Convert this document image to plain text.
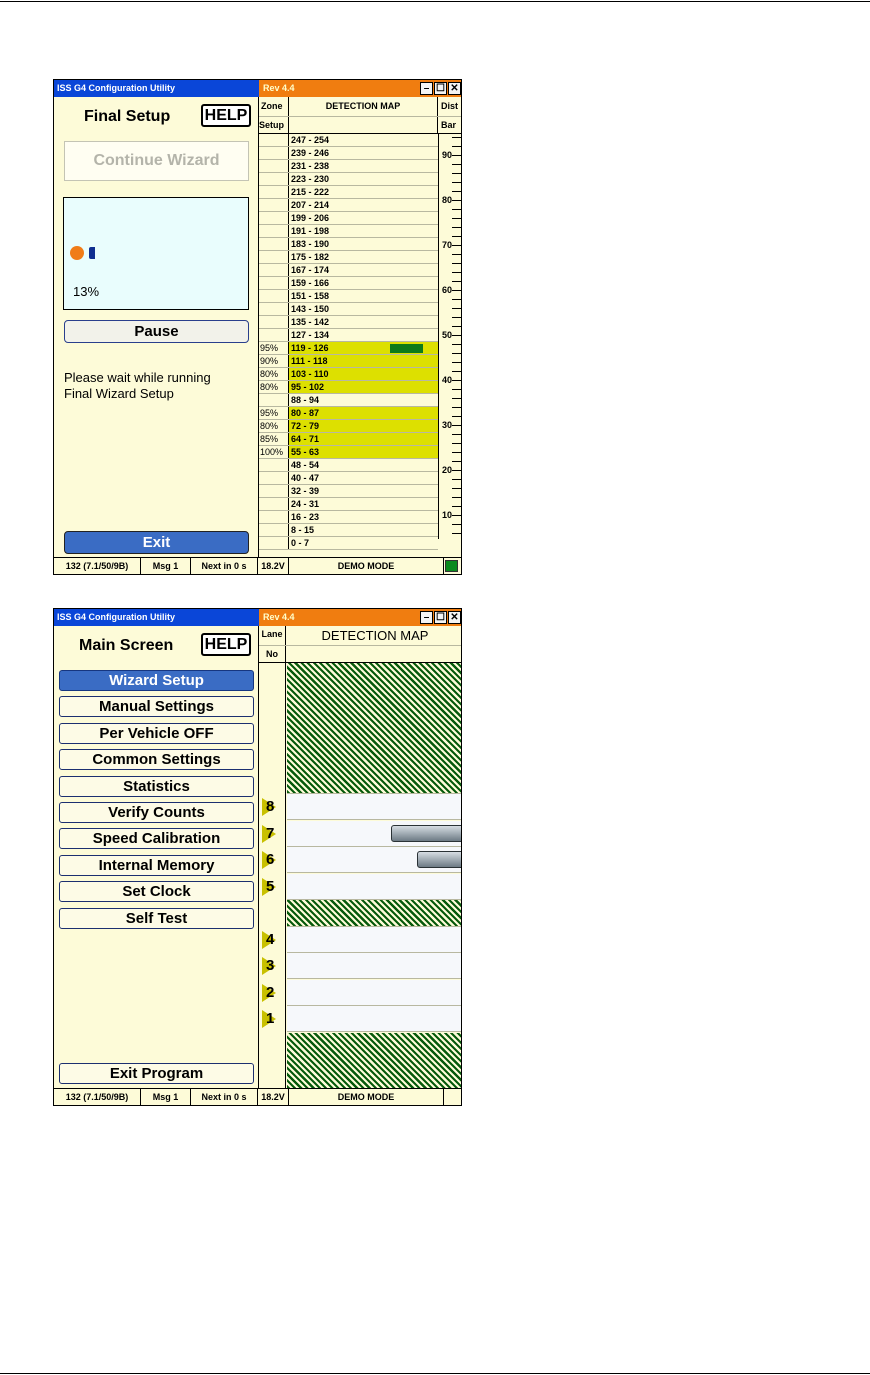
ISS G4 Configuration Utility	Rev 4.4	– ☐ ✕
Final Setup HELP
Continue Wizard
13%
Pause
Please wait while running
Final Wizard Setup
Exit
Zone
Setup
DETECTION MAP	Dist
Bar
247 - 254
239 - 246
231 - 238
223 - 230
215 - 222
207 - 214
199 - 206
191 - 198
183 - 190
175 - 182
167 - 174
159 - 166
151 - 158
143 - 150
135 - 142
127 - 134
95%	119 - 126
90%	111 - 118
80%	103 - 110
80%	95 - 102
88 - 94
95%	80 - 87
80%	72 - 79
85%	64 - 71
100% 55 - 63
48 - 54
40 - 47
32 - 39
24 - 31
16 - 23
8 - 15
0 - 7
90
80
70
60
50
40
30
20
10
132 (7.1/50/9B)	Msg 1	Next in 0 s	18.2V	DEMO MODE
ISS G4 Configuration Utility	Rev 4.4	– ☐ ✕
Main Screen HELP
Wizard Setup
Manual Settings
Per Vehicle OFF
Common Settings
Statistics
Verify Counts
Speed Calibration
Internal Memory
Set Clock
Self Test
Exit Program
Lane
No
DETECTION MAP
8
7
6
5
4
3
2
1
132 (7.1/50/9B)	Msg 1	Next in 0 s	18.2V	DEMO MODE
